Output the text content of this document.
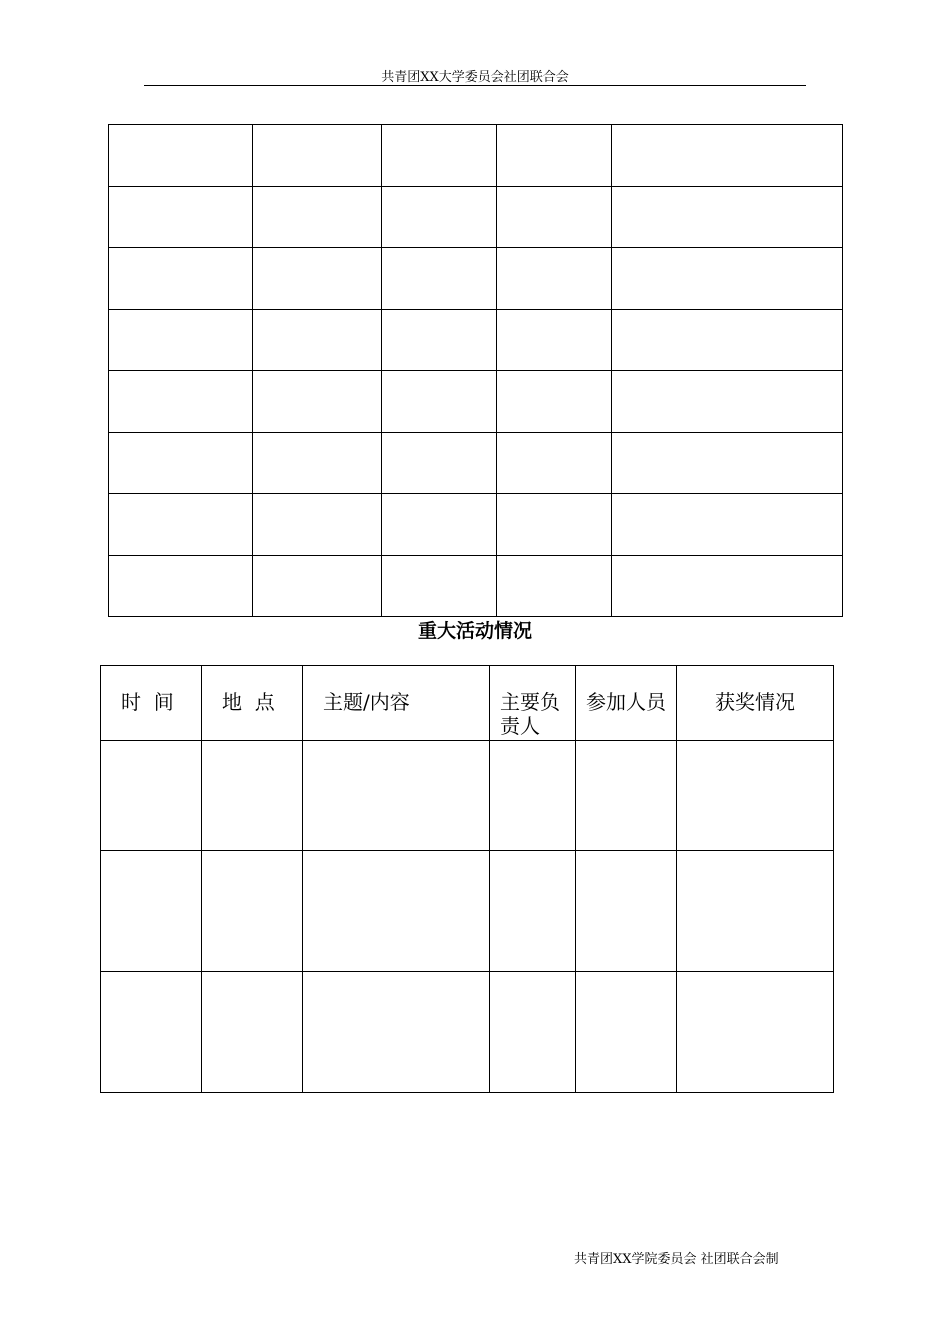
共青团XX大学委员会社团联合会

重大活动情况
时  间	地  点	主题/内容	主要负责人	参加人员	获奖情况

共青团XX学院委员会 社团联合会制
